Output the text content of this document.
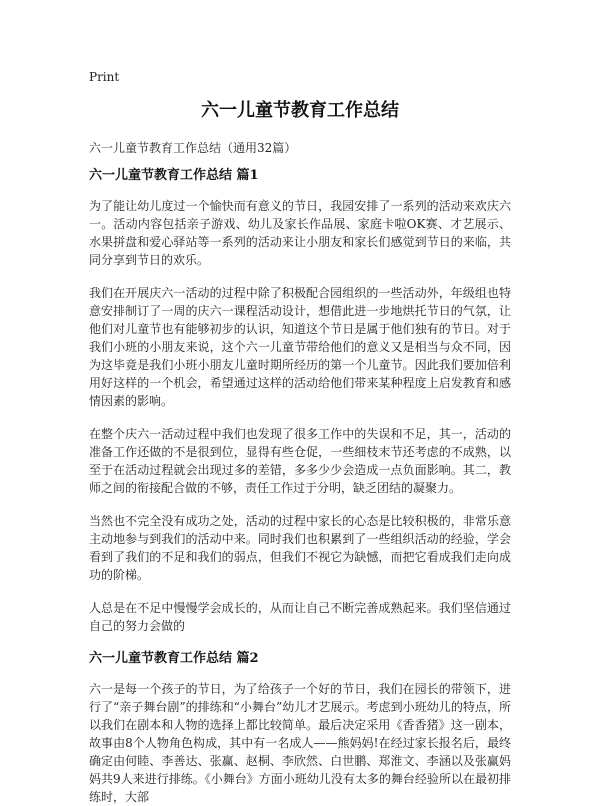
Print
六一儿童节教育工作总结
六一儿童节教育工作总结（通用32篇）
六一儿童节教育工作总结 篇1
为了能让幼儿度过一个愉快而有意义的节日，我园安排了一系列的活动来欢庆六一。活动内容包括亲子游戏、幼儿及家长作品展、家庭卡啦OK赛、才艺展示、水果拼盘和爱心驿站等一系列的活动来让小朋友和家长们感觉到节日的来临，共同分享到节日的欢乐。
我们在开展庆六一活动的过程中除了积极配合园组织的一些活动外，年级组也特意安排制订了一周的庆六一课程活动设计，想借此进一步地烘托节日的气氛，让他们对儿童节也有能够初步的认识，知道这个节日是属于他们独有的节日。对于我们小班的小朋友来说，这个六一儿童节带给他们的意义又是相当与众不同，因为这毕竟是我们小班小朋友儿童时期所经历的第一个儿童节。因此我们要加倍利用好这样的一个机会，希望通过这样的活动给他们带来某种程度上启发教育和感情因素的影响。
在整个庆六一活动过程中我们也发现了很多工作中的失误和不足，其一，活动的准备工作还做的不是很到位，显得有些仓促，一些细枝末节还考虑的不成熟，以至于在活动过程就会出现过多的差错，多多少少会造成一点负面影响。其二，教师之间的衔接配合做的不够，责任工作过于分明，缺乏团结的凝聚力。
当然也不完全没有成功之处，活动的过程中家长的心态是比较积极的，非常乐意主动地参与到我们的活动中来。同时我们也积累到了一些组织活动的经验，学会看到了我们的不足和我们的弱点，但我们不视它为缺憾，而把它看成我们走向成功的阶梯。
人总是在不足中慢慢学会成长的，从而让自己不断完善成熟起来。我们坚信通过自己的努力会做的
六一儿童节教育工作总结 篇2
六一是每一个孩子的节日，为了给孩子一个好的节日，我们在园长的带领下，进行了“亲子舞台剧”的排练和“小舞台”幼儿才艺展示。考虑到小班幼儿的特点，所以我们在剧本和人物的选择上都比较简单。最后决定采用《香香猪》这一剧本，故事由8个人物角色构成，其中有一名成人——熊妈妈!在经过家长报名后，最终确定由何睦、李善达、张赢、赵桐、李欣然、白世鹏、郑淮文、李涵以及张赢妈妈共9人来进行排练。《小舞台》方面小班幼儿没有太多的舞台经验所以在最初排练时，大部
